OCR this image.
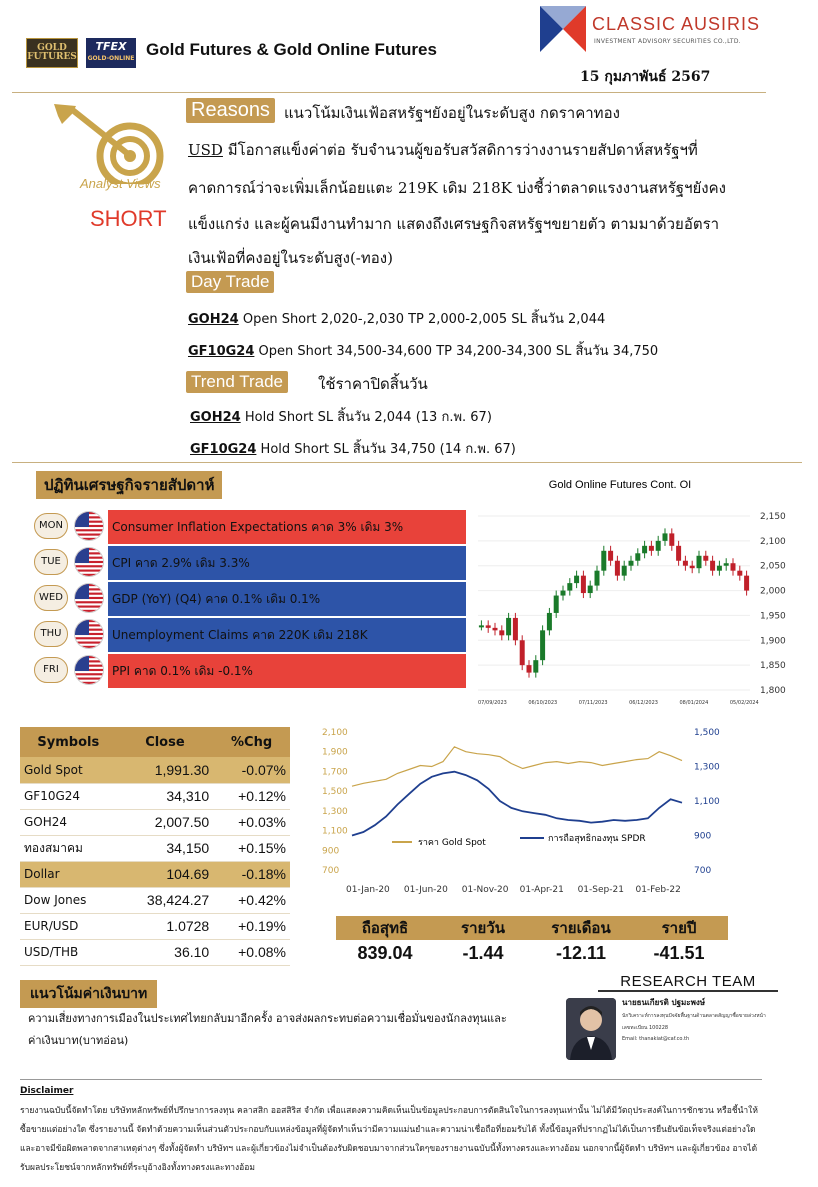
GOLD FUTURES
TFEX
GOLD-ONLINE Gold Futures & Gold Online Futures
CLASSIC AUSIRIS
INVESTMENT ADVISORY SECURITIES CO.,LTD.
15 กุมภาพันธ์ 2567
Analyst Views
SHORT
Reasons แนวโน้มเงินเฟ้อสหรัฐฯยังอยู่ในระดับสูง กดราคาทอง
USD มีโอกาสแข็งค่าต่อ รับจำนวนผู้ขอรับสวัสดิการว่างงานรายสัปดาห์สหรัฐฯที่
คาดการณ์ว่าจะเพิ่มเล็กน้อยแตะ 219K เดิม 218K บ่งชี้ว่าตลาดแรงงานสหรัฐฯยังคง
แข็งแกร่ง และผู้คนมีงานทำมาก แสดงถึงเศรษฐกิจสหรัฐฯขยายตัว ตามมาด้วยอัตรา
เงินเฟ้อที่คงอยู่ในระดับสูง(-ทอง)
Day Trade
GOH24 Open Short 2,020-,2,030 TP 2,000-2,005 SL สิ้นวัน 2,044
GF10G24 Open Short 34,500-34,600 TP 34,200-34,300 SL สิ้นวัน 34,750
Trend Trade	ใช้ราคาปิดสิ้นวัน
GOH24 Hold Short SL สิ้นวัน 2,044 (13 ก.พ. 67)
GF10G24 Hold Short SL สิ้นวัน 34,750 (14 ก.พ. 67)
ปฏิทินเศรษฐกิจรายสัปดาห์
MON	Consumer Inflation Expectations คาด 3% เดิม 3%
TUE	CPI คาด 2.9% เดิม 3.3%
WED	GDP (YoY) (Q4) คาด 0.1% เดิม 0.1%
THU	Unemployment Claims คาด 220K เดิม 218K
FRI	PPI คาด 0.1% เดิม -0.1%
Gold Online Futures Cont. OI
2,150
2,100
2,050
2,000
1,950
1,900
1,850
1,800
07/09/2023	06/10/2023	07/11/2023	06/12/2023	08/01/2024	05/02/2024
Symbols	Close	%Chg
Gold Spot	1,991.30	-0.07%
GF10G24	34,310	+0.12%
GOH24	2,007.50	+0.03%
ทองสมาคม	34,150	+0.15%
Dollar	104.69	-0.18%
Dow Jones	38,424.27	+0.42%
EUR/USD	1.0728	+0.19%
USD/THB	36.10	+0.08%
2,100
1,900
1,700
1,500
1,300
1,100
900
700
1,500
1,300
1,100
900
700
01-Jan-20 01-Jun-20 01-Nov-20 01-Apr-21 01-Sep-21 01-Feb-22
ราคา Gold Spot	การถือสุทธิกองทุน SPDR
ถือสุทธิ	รายวัน	รายเดือน	รายปี
839.04	-1.44	-12.11	-41.51
แนวโน้มค่าเงินบาท
ความเสี่ยงทางการเมืองในประเทศไทยกลับมาอีกครั้ง อาจส่งผลกระทบต่อความเชื่อมั่นของนักลงทุนและ
ค่าเงินบาท(บาทอ่อน)
RESEARCH TEAM
นายธนเกียรติ ปฐมะพงษ์
นักวิเคราะห์การลงทุนปัจจัยพื้นฐานด้านตลาดสัญญาซื้อขายล่วงหน้า
เลขทะเบียน 100228
Email: thanakiat@caf.co.th
Disclaimer
รายงานฉบับนี้จัดทำโดย บริษัทหลักทรัพย์ที่ปรึกษาการลงทุน คลาสสิก ออสสิริส จำกัด เพื่อแสดงความคิดเห็นเป็นข้อมูลประกอบการตัดสินใจในการลงทุนเท่านั้น ไม่ได้มีวัตถุประสงค์ในการชักชวน หรือชี้นำให้ซื้อขายแต่อย่างใด ซึ่งรายงานนี้ จัดทำด้วยความเห็นส่วนตัวประกอบกับแหล่งข้อมูลที่ผู้จัดทำเห็นว่ามีความแม่นยำและความน่าเชื่อถือที่ยอมรับได้ ทั้งนี้ข้อมูลที่ปรากฏไม่ได้เป็นการยืนยันข้อเท็จจริงแต่อย่างใดและอาจมีข้อผิดพลาดจากสาเหตุต่างๆ ซึ่งทั้งผู้จัดทำ บริษัทฯ และผู้เกี่ยวข้องไม่จำเป็นต้องรับผิดชอบมาจากส่วนใดๆของรายงานฉบับนี้ทั้งทางตรงและทางอ้อม นอกจากนี้ผู้จัดทำ บริษัทฯ และผู้เกี่ยวข้อง อาจได้รับผลประโยชน์จากหลักทรัพย์ที่ระบุอ้างอิงทั้งทางตรงและทางอ้อม
